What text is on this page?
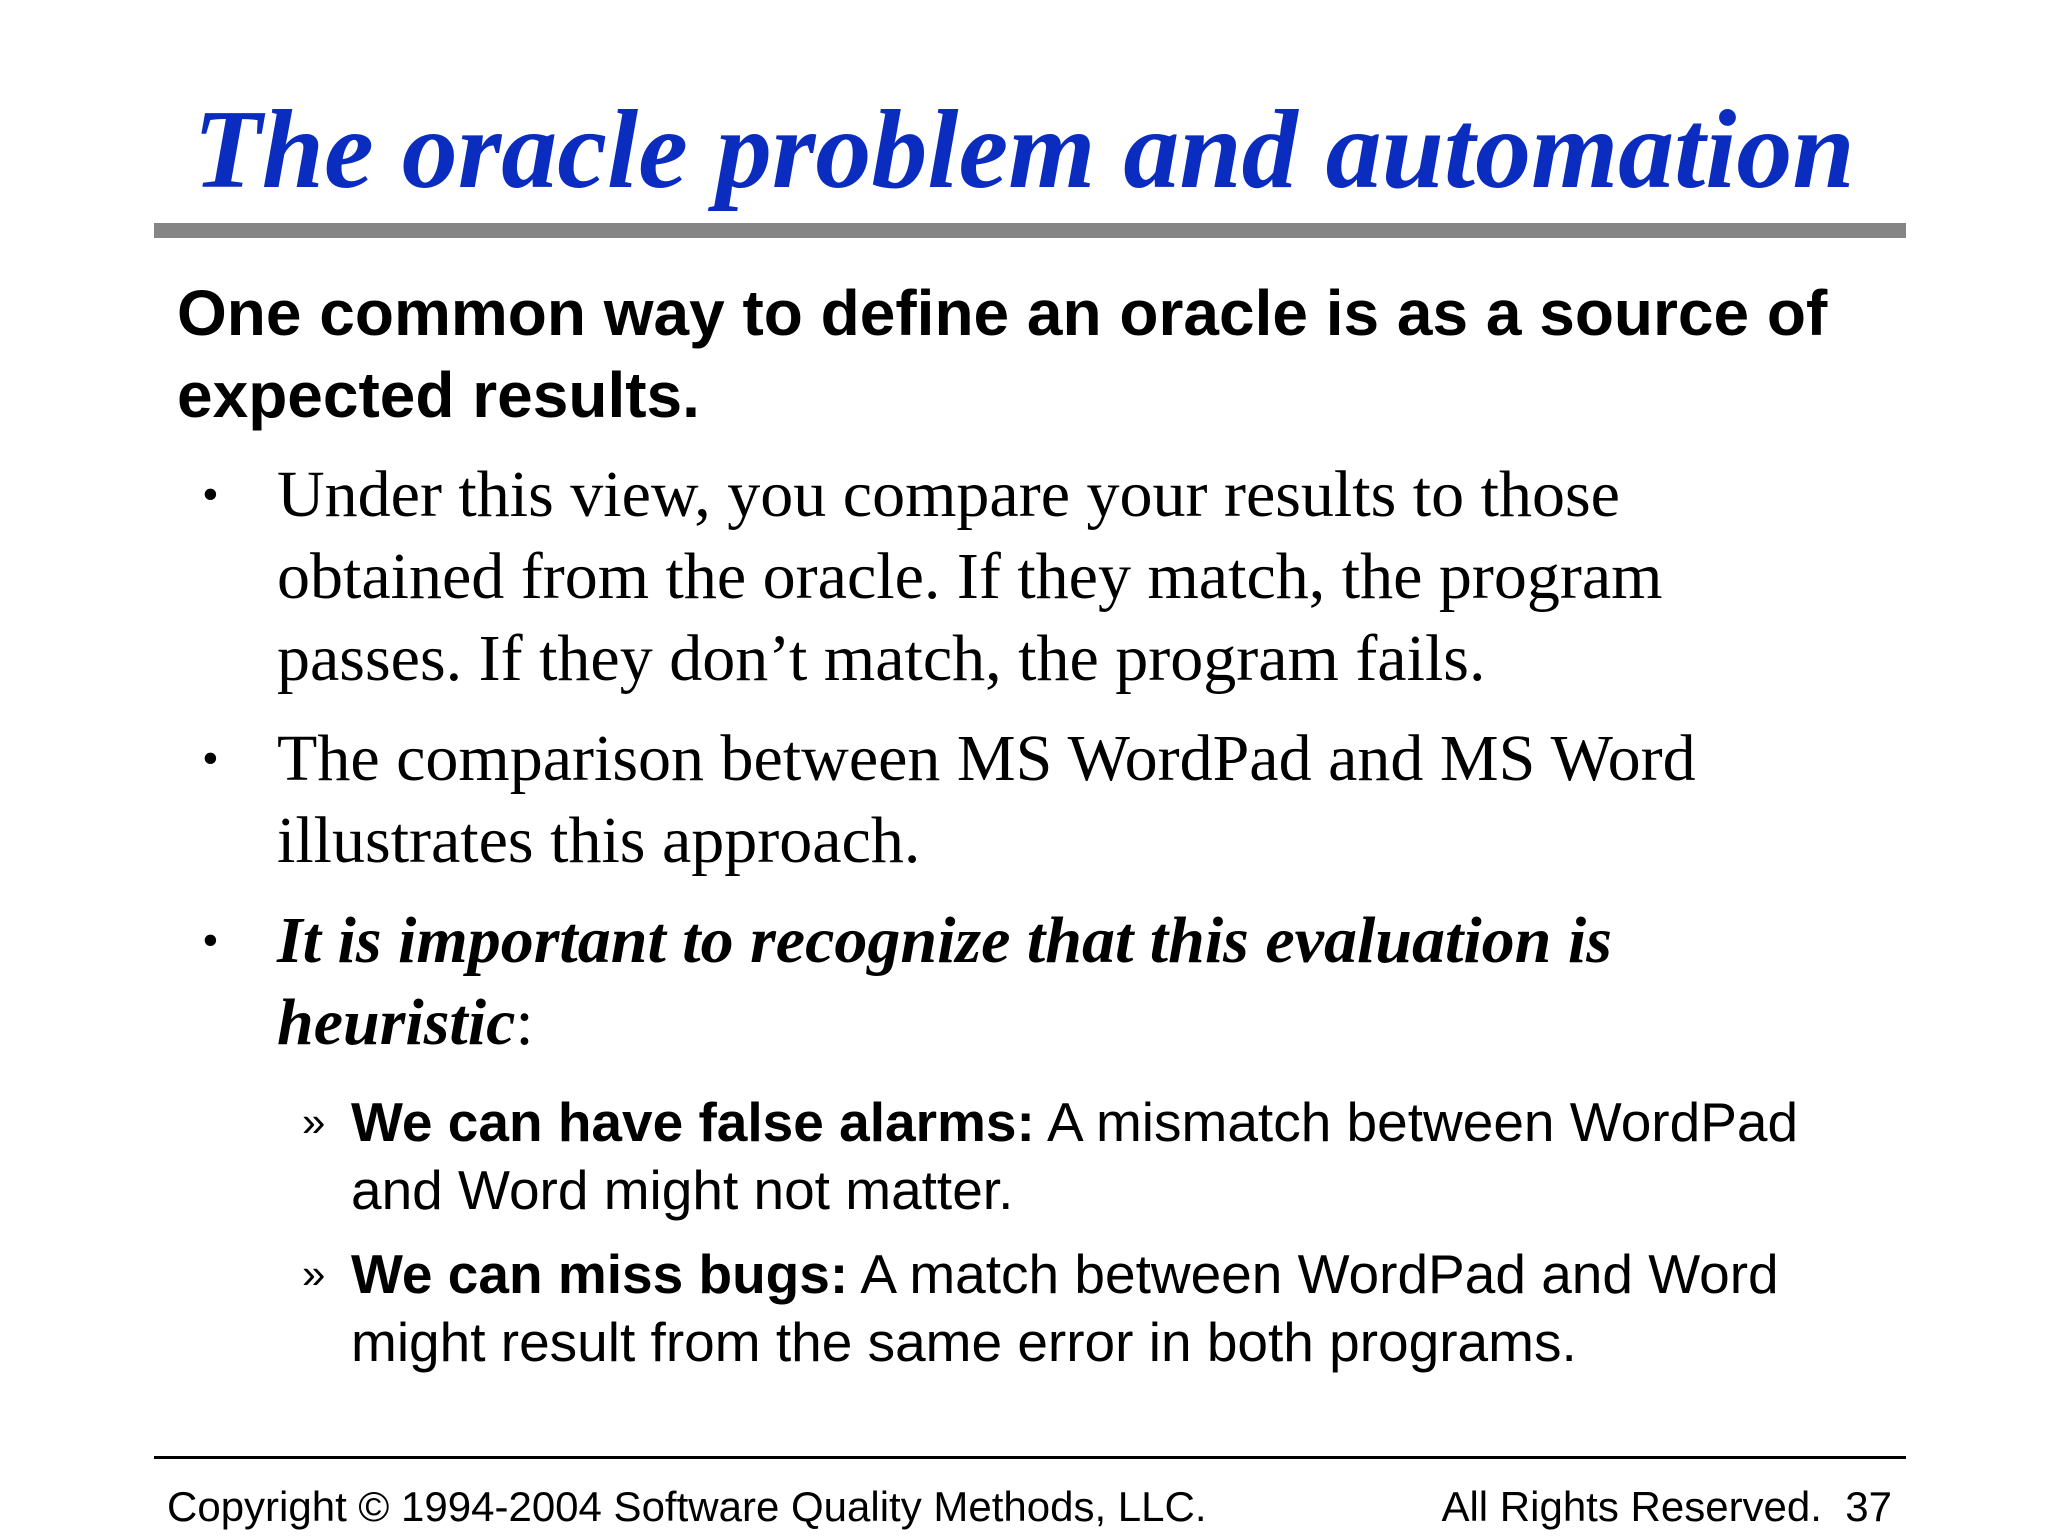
The oracle problem and automation
One common way to define an oracle is as a source of expected results.
• Under this view, you compare your results to those obtained from the oracle. If they match, the program passes. If they don’t match, the program fails.
• The comparison between MS WordPad and MS Word illustrates this approach.
• It is important to recognize that this evaluation is heuristic:
» We can have false alarms: A mismatch between WordPad and Word might not matter.
» We can miss bugs: A match between WordPad and Word might result from the same error in both programs.
Copyright © 1994-2004 Software Quality Methods, LLC.	All Rights Reserved. 37
